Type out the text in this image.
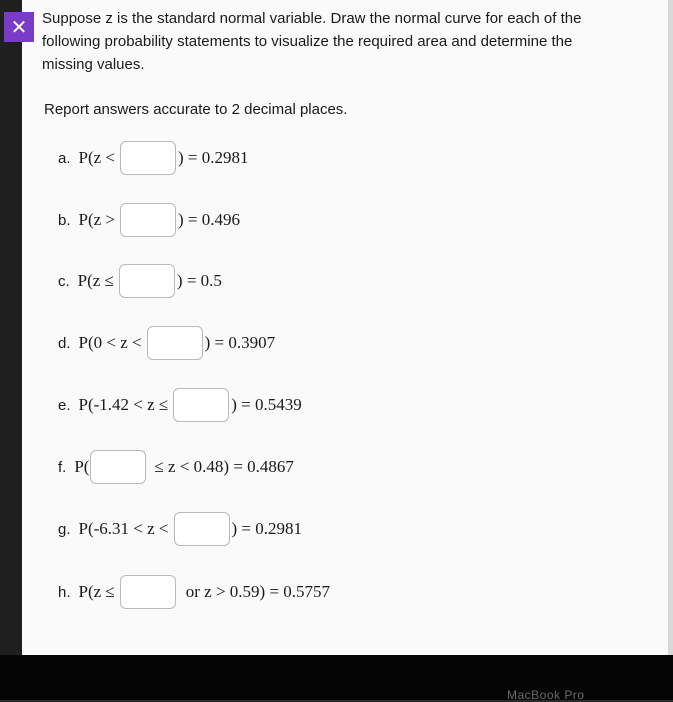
✕ Suppose z is the standard normal variable. Draw the normal curve for each of the following probability statements to visualize the required area and determine the missing values.
Report answers accurate to 2 decimal places.
a. P(z <	) = 0.2981
b. P(z >	) = 0.496
c. P(z ≤	) = 0.5
d. P(0 < z <	) = 0.3907
e. P(-1.42 < z ≤	) = 0.5439
f. P(	≤ z < 0.48) = 0.4867
g. P(-6.31 < z <	) = 0.2981
h. P(z ≤	or z > 0.59) = 0.5757
MacBook Pro
